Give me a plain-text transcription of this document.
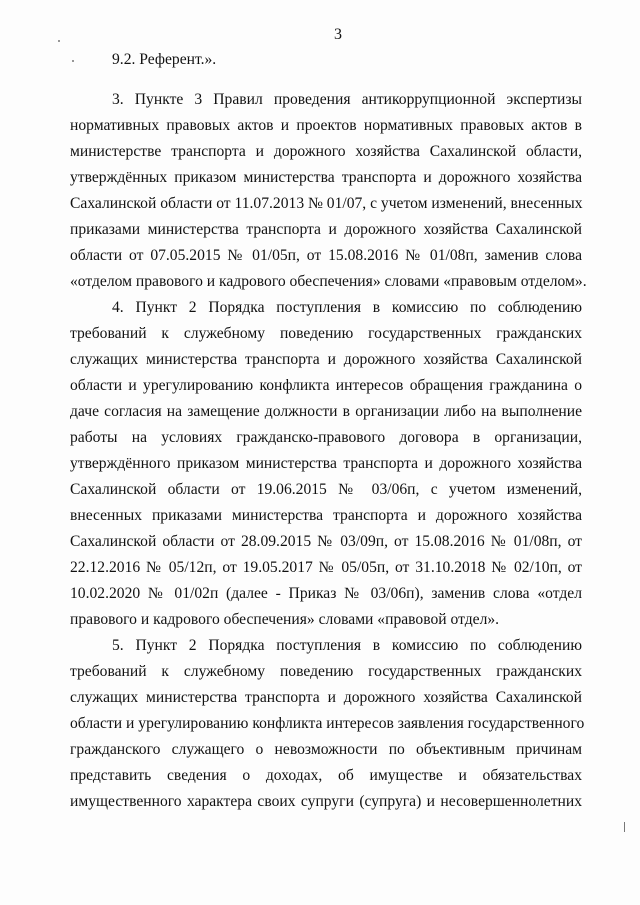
3
9.2. Референт.».
3. Пункте 3 Правил проведения антикоррупционной экспертизы
нормативных правовых актов и проектов нормативных правовых актов в
министерстве транспорта и дорожного хозяйства Сахалинской области,
утверждённых приказом министерства транспорта и дорожного хозяйства
Сахалинской области от 11.07.2013 № 01/07, с учетом изменений, внесенных
приказами министерства транспорта и дорожного хозяйства Сахалинской
области от 07.05.2015 № 01/05п, от 15.08.2016 № 01/08п, заменив слова
«отделом правового и кадрового обеспечения» словами «правовым отделом».
4. Пункт 2 Порядка поступления в комиссию по соблюдению
требований к служебному поведению государственных гражданских
служащих министерства транспорта и дорожного хозяйства Сахалинской
области и урегулированию конфликта интересов обращения гражданина о
даче согласия на замещение должности в организации либо на выполнение
работы на условиях гражданско-правового договора в организации,
утверждённого приказом министерства транспорта и дорожного хозяйства
Сахалинской области от 19.06.2015 № 03/06п, с учетом изменений,
внесенных приказами министерства транспорта и дорожного хозяйства
Сахалинской области от 28.09.2015 № 03/09п, от 15.08.2016 № 01/08п, от
22.12.2016 № 05/12п, от 19.05.2017 № 05/05п, от 31.10.2018 № 02/10п, от
10.02.2020 № 01/02п (далее - Приказ № 03/06п), заменив слова «отдел
правового и кадрового обеспечения» словами «правовой отдел».
5. Пункт 2 Порядка поступления в комиссию по соблюдению
требований к служебному поведению государственных гражданских
служащих министерства транспорта и дорожного хозяйства Сахалинской
области и урегулированию конфликта интересов заявления государственного
гражданского служащего о невозможности по объективным причинам
представить сведения о доходах, об имуществе и обязательствах
имущественного характера своих супруги (супруга) и несовершеннолетних
